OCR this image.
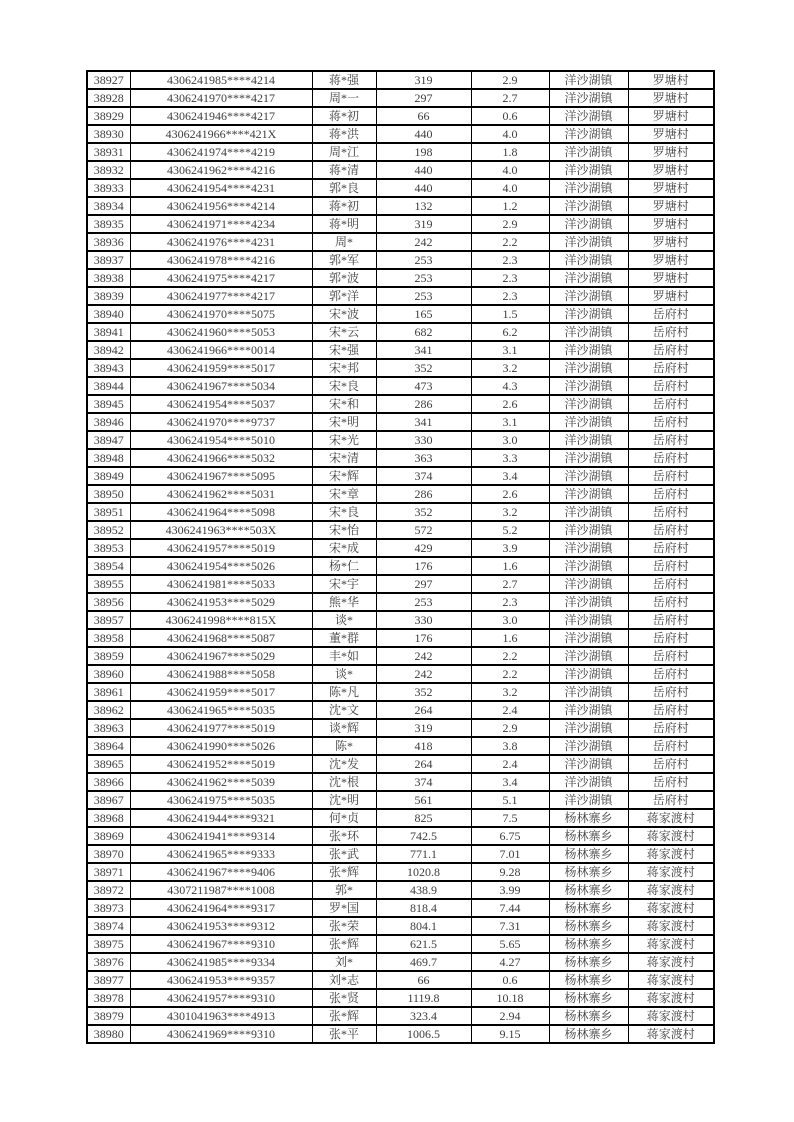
38927	4306241985****4214	蒋*强	319	2.9	洋沙湖镇	罗塘村
38928	4306241970****4217	周*一	297	2.7	洋沙湖镇	罗塘村
38929	4306241946****4217	蒋*初	66	0.6	洋沙湖镇	罗塘村
38930	4306241966****421X	蒋*洪	440	4.0	洋沙湖镇	罗塘村
38931	4306241974****4219	周*江	198	1.8	洋沙湖镇	罗塘村
38932	4306241962****4216	蒋*清	440	4.0	洋沙湖镇	罗塘村
38933	4306241954****4231	郭*良	440	4.0	洋沙湖镇	罗塘村
38934	4306241956****4214	蒋*初	132	1.2	洋沙湖镇	罗塘村
38935	4306241971****4234	蒋*明	319	2.9	洋沙湖镇	罗塘村
38936	4306241976****4231	周*	242	2.2	洋沙湖镇	罗塘村
38937	4306241978****4216	郭*军	253	2.3	洋沙湖镇	罗塘村
38938	4306241975****4217	郭*波	253	2.3	洋沙湖镇	罗塘村
38939	4306241977****4217	郭*洋	253	2.3	洋沙湖镇	罗塘村
38940	4306241970****5075	宋*波	165	1.5	洋沙湖镇	岳府村
38941	4306241960****5053	宋*云	682	6.2	洋沙湖镇	岳府村
38942	4306241966****0014	宋*强	341	3.1	洋沙湖镇	岳府村
38943	4306241959****5017	宋*邦	352	3.2	洋沙湖镇	岳府村
38944	4306241967****5034	宋*良	473	4.3	洋沙湖镇	岳府村
38945	4306241954****5037	宋*和	286	2.6	洋沙湖镇	岳府村
38946	4306241970****9737	宋*明	341	3.1	洋沙湖镇	岳府村
38947	4306241954****5010	宋*光	330	3.0	洋沙湖镇	岳府村
38948	4306241966****5032	宋*清	363	3.3	洋沙湖镇	岳府村
38949	4306241967****5095	宋*辉	374	3.4	洋沙湖镇	岳府村
38950	4306241962****5031	宋*章	286	2.6	洋沙湖镇	岳府村
38951	4306241964****5098	宋*良	352	3.2	洋沙湖镇	岳府村
38952	4306241963****503X	宋*怡	572	5.2	洋沙湖镇	岳府村
38953	4306241957****5019	宋*成	429	3.9	洋沙湖镇	岳府村
38954	4306241954****5026	杨*仁	176	1.6	洋沙湖镇	岳府村
38955	4306241981****5033	宋*宇	297	2.7	洋沙湖镇	岳府村
38956	4306241953****5029	熊*华	253	2.3	洋沙湖镇	岳府村
38957	4306241998****815X	谈*	330	3.0	洋沙湖镇	岳府村
38958	4306241968****5087	董*群	176	1.6	洋沙湖镇	岳府村
38959	4306241967****5029	丰*如	242	2.2	洋沙湖镇	岳府村
38960	4306241988****5058	谈*	242	2.2	洋沙湖镇	岳府村
38961	4306241959****5017	陈*凡	352	3.2	洋沙湖镇	岳府村
38962	4306241965****5035	沈*文	264	2.4	洋沙湖镇	岳府村
38963	4306241977****5019	谈*辉	319	2.9	洋沙湖镇	岳府村
38964	4306241990****5026	陈*	418	3.8	洋沙湖镇	岳府村
38965	4306241952****5019	沈*发	264	2.4	洋沙湖镇	岳府村
38966	4306241962****5039	沈*根	374	3.4	洋沙湖镇	岳府村
38967	4306241975****5035	沈*明	561	5.1	洋沙湖镇	岳府村
38968	4306241944****9321	何*贞	825	7.5	杨林寨乡	蒋家渡村
38969	4306241941****9314	张*环	742.5	6.75	杨林寨乡	蒋家渡村
38970	4306241965****9333	张*武	771.1	7.01	杨林寨乡	蒋家渡村
38971	4306241967****9406	张*辉	1020.8	9.28	杨林寨乡	蒋家渡村
38972	4307211987****1008	郭*	438.9	3.99	杨林寨乡	蒋家渡村
38973	4306241964****9317	罗*国	818.4	7.44	杨林寨乡	蒋家渡村
38974	4306241953****9312	张*荣	804.1	7.31	杨林寨乡	蒋家渡村
38975	4306241967****9310	张*辉	621.5	5.65	杨林寨乡	蒋家渡村
38976	4306241985****9334	刘*	469.7	4.27	杨林寨乡	蒋家渡村
38977	4306241953****9357	刘*志	66	0.6	杨林寨乡	蒋家渡村
38978	4306241957****9310	张*贤	1119.8	10.18	杨林寨乡	蒋家渡村
38979	4301041963****4913	张*辉	323.4	2.94	杨林寨乡	蒋家渡村
38980	4306241969****9310	张*平	1006.5	9.15	杨林寨乡	蒋家渡村
